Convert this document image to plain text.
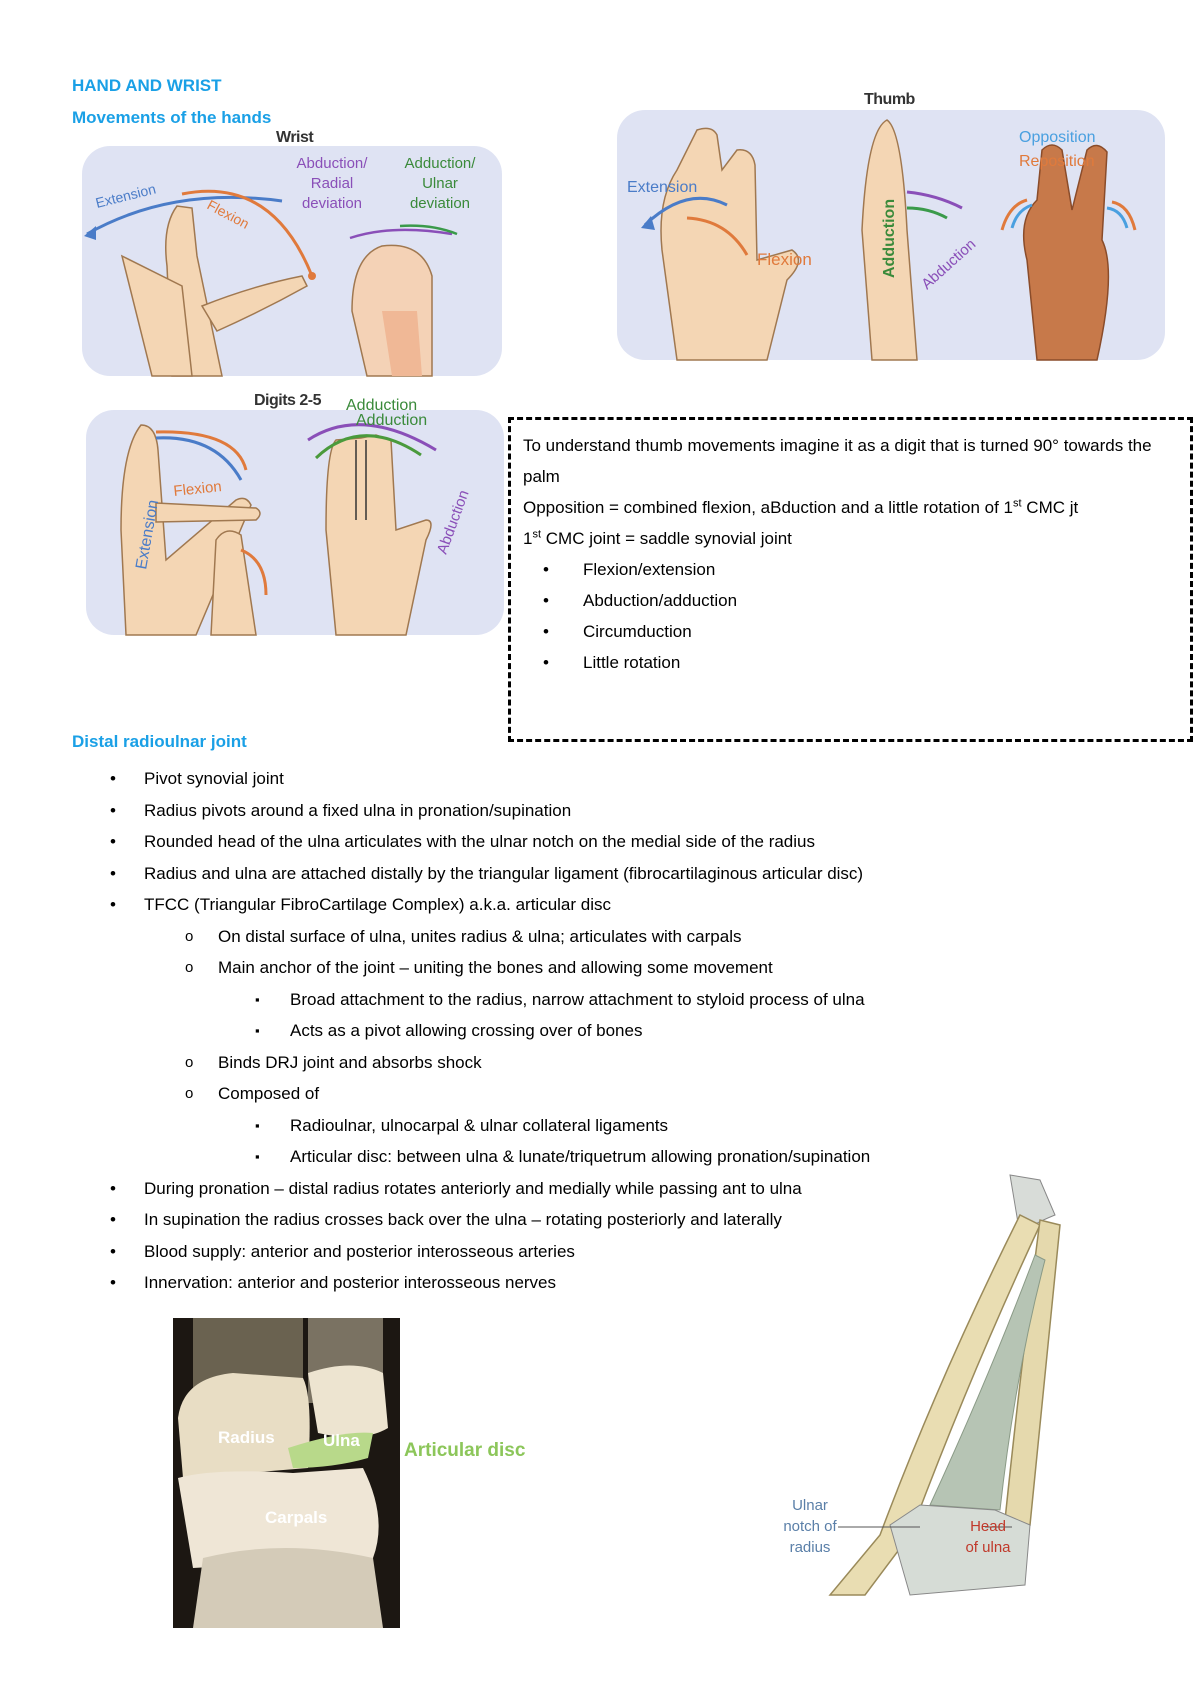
HAND AND WRIST
Movements of the hands
Wrist
Extension
Flexion
Abduction/
Radial
deviation
Adduction/
Ulnar
deviation
Thumb
Extension
Flexion	Adduction Abduction
Opposition
Reposition
Digits 2-5
Extension
Flexion
Adduction
Abduction
Adduction

To understand thumb movements imagine it as a digit that is turned 90° towards the palm

Opposition = combined flexion, aBduction and a little rotation of 1st CMC jt

1st CMC joint = saddle synovial joint

• Flexion/extension
• Abduction/adduction
• Circumduction
• Little rotation
Distal radioulnar joint
• Pivot synovial joint
• Radius pivots around a fixed ulna in pronation/supination
• Rounded head of the ulna articulates with the ulnar notch on the medial side of the radius
• Radius and ulna are attached distally by the triangular ligament (fibrocartilaginous articular disc)
• TFCC (Triangular FibroCartilage Complex) a.k.a. articular disc
o On distal surface of ulna, unites radius & ulna; articulates with carpals
o Main anchor of the joint – uniting the bones and allowing some movement
▪ Broad attachment to the radius, narrow attachment to styloid process of ulna
▪ Acts as a pivot allowing crossing over of bones
o Binds DRJ joint and absorbs shock
o Composed of
▪ Radioulnar, ulnocarpal & ulnar collateral ligaments
▪ Articular disc: between ulna & lunate/triquetrum allowing pronation/supination
• During pronation – distal radius rotates anteriorly and medially while passing ant to ulna
• In supination the radius crosses back over the ulna – rotating posteriorly and laterally
• Blood supply: anterior and posterior interosseous arteries
• Innervation: anterior and posterior interosseous nerves
Radius	Ulna
Carpals
Articular disc
Ulnar
notch of
radius
Head
of ulna
